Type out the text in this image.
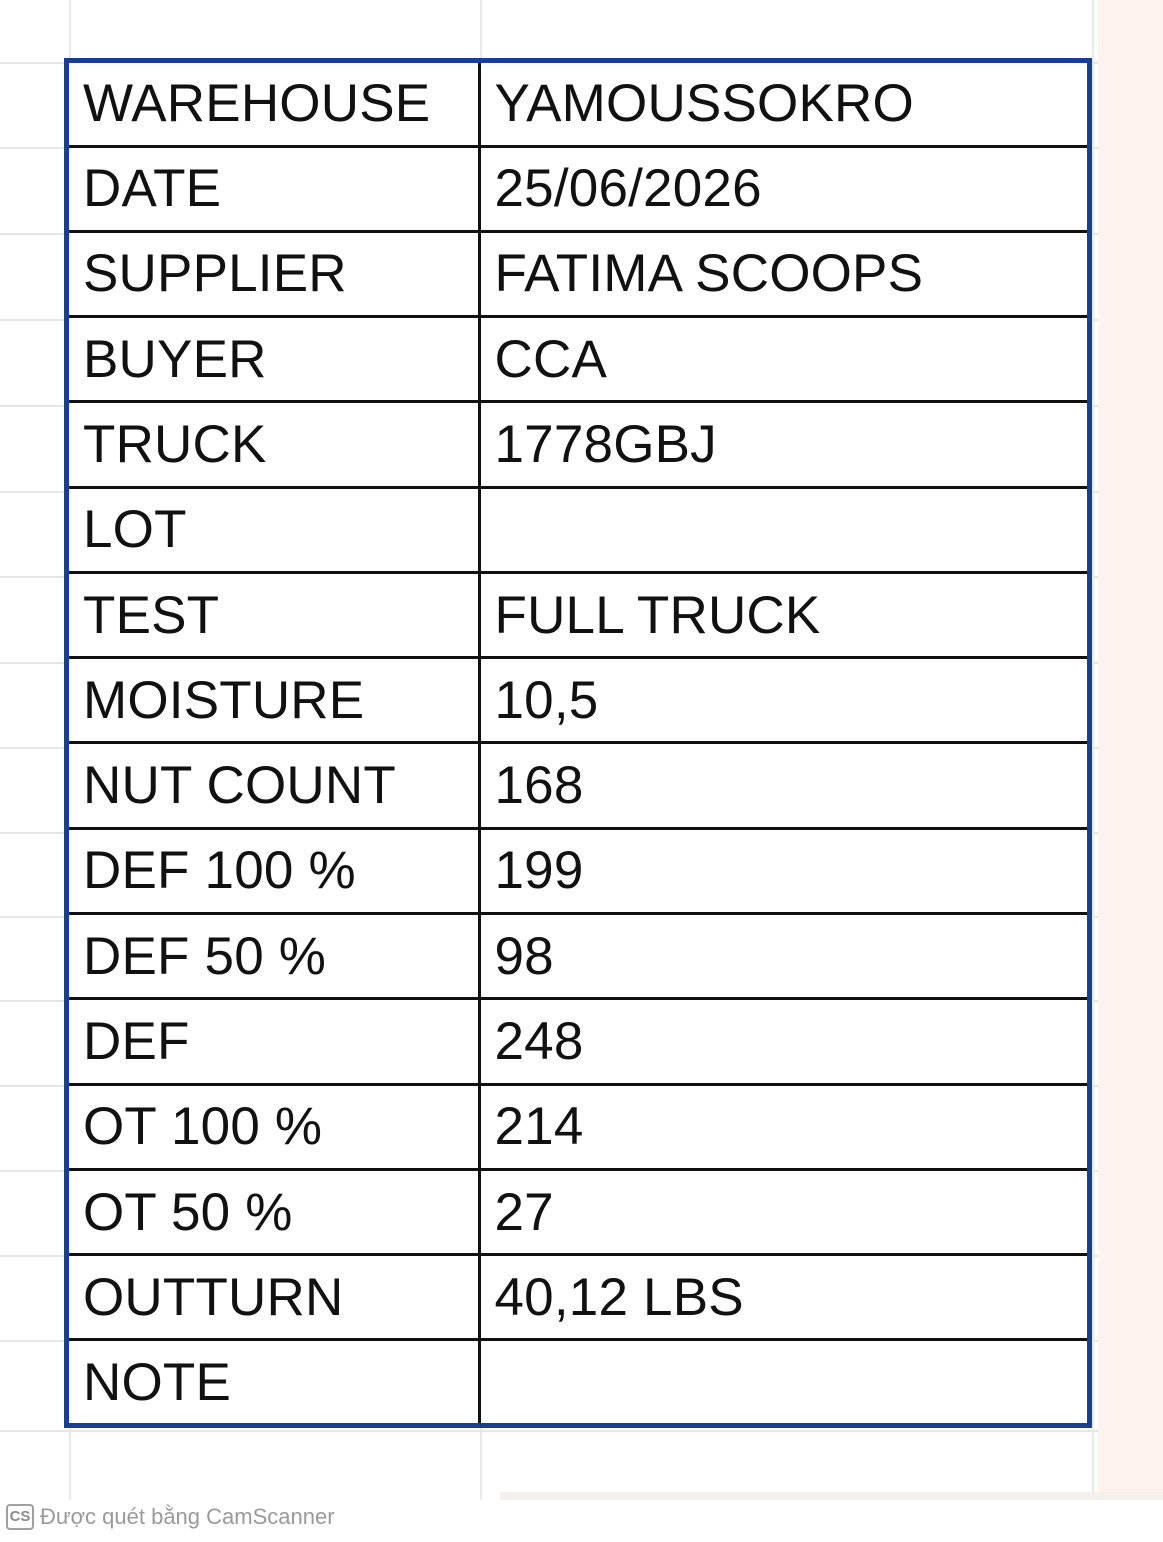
WAREHOUSE	YAMOUSSOKRO
DATE	25/06/2026
SUPPLIER	FATIMA SCOOPS
BUYER	CCA
TRUCK	1778GBJ
LOT	
TEST	FULL TRUCK
MOISTURE	10,5
NUT COUNT	168
DEF 100 %	199
DEF 50 %	98
DEF	248
OT 100 %	214
OT 50 %	27
OUTTURN	40,12 LBS
NOTE	
CS Được quét bằng CamScanner
